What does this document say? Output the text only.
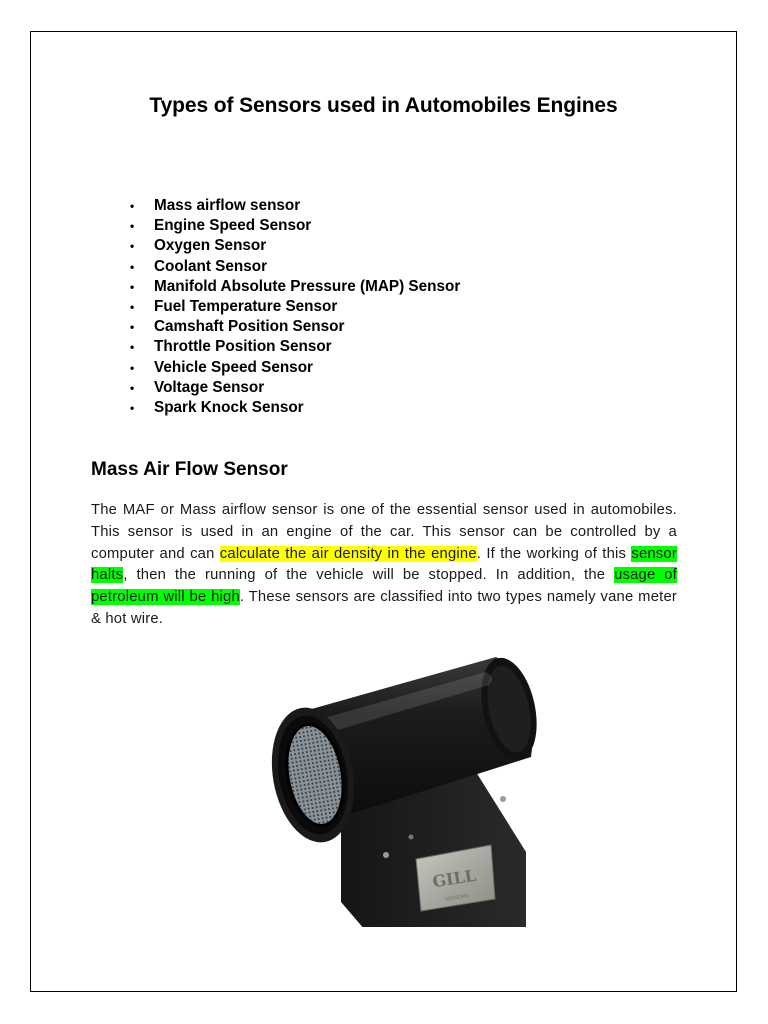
Types of Sensors used in Automobiles Engines
• Mass airflow sensor
• Engine Speed Sensor
• Oxygen Sensor
• Coolant Sensor
• Manifold Absolute Pressure (MAP) Sensor
• Fuel Temperature Sensor
• Camshaft Position Sensor
• Throttle Position Sensor
• Vehicle Speed Sensor
• Voltage Sensor
• Spark Knock Sensor
Mass Air Flow Sensor

The MAF or Mass airflow sensor is one of the essential sensor used in automobiles. This sensor is used in an engine of the car. This sensor can be controlled by a computer and can calculate the air density in the engine. If the working of this sensor halts, then the running of the vehicle will be stopped. In addition, the usage of petroleum will be high. These sensors are classified into two types namely vane meter & hot wire.

GILL
SENSORS
